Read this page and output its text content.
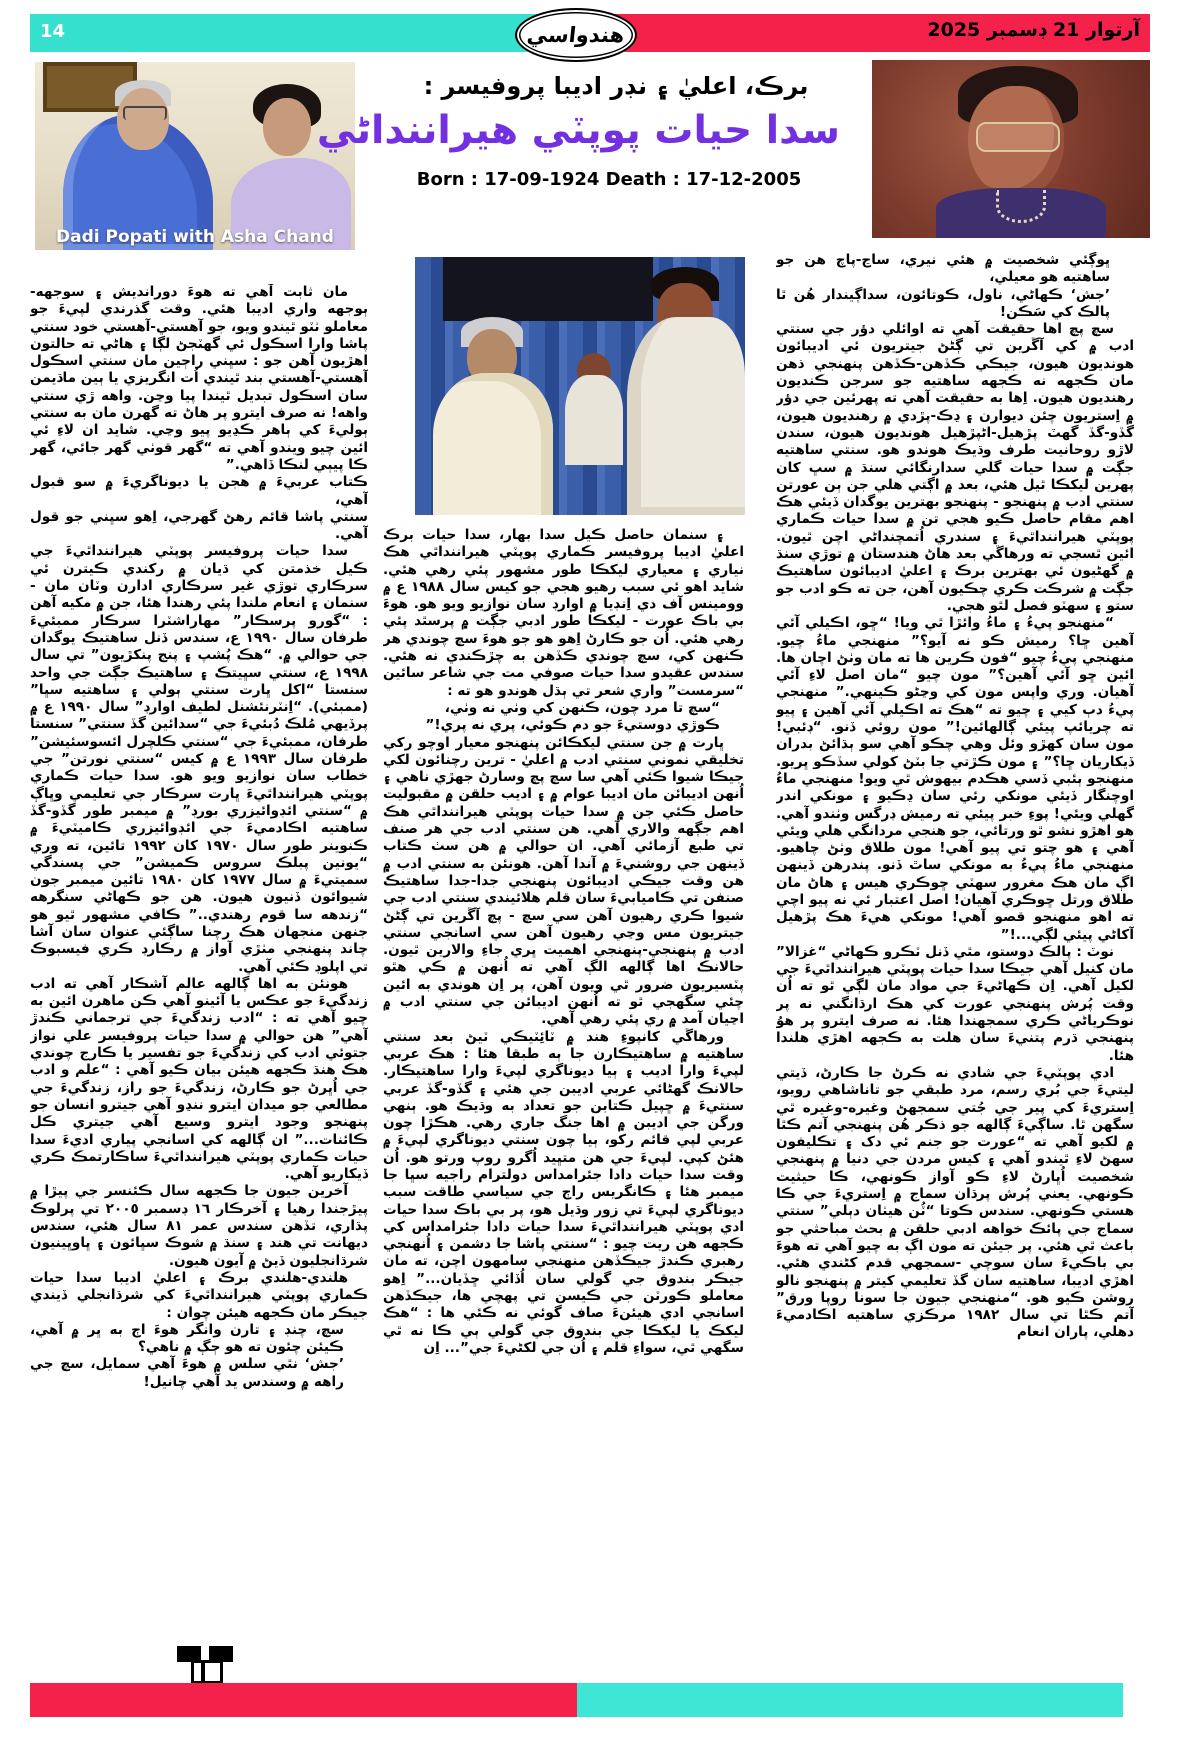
14	آرتوار 21 ڊسمبر 2025
هندواسي
Dadi Popati with Asha Chand
برڪ، اعليٰ ۽ نڊر اديبا پروفيسر :
سدا حيات پوپٽي هيراننداڻي
Born : 17-09-1924 Death : 17-12-2005

مان ثابت آهي ته هوءَ دورانديش ۽ سوجهه-ٻوجهه واري اديبا هئي. وقت گذرندي لپيءَ جو معاملو ٺٽو ٿيندو ويو، جو آهستي-آهستي خود سنتي پاشا وارا اسڪول ئي گهٽجڻ لڳا ۽ هاڻي ته حالتون اهڙيون آهن جو : سڀني راڄين مان سنتي اسڪول آهستي-آهستي بند ٿيندي اُت انگريزي يا ٻين ماڌيمن سان اسڪول تبديل ٿيندا پيا وڃن. واهه ڙي سنتي واهه! نه صرف ايترو پر هاڻ ته گهرن مان به سنتي ٻوليءَ کي ٻاهر ڪڍيو پيو وڃي. شايد ان لاءِ ئي ائين چيو ويندو آهي ته “گهر قوٺي گهر جائي، گهر ڪا پيٻي لنڪا ڏاهي.”

ڪتاب عربيءَ ۾ هجن يا ديوناگريءَ ۾ سو قبول آهي،

سنتي پاشا قائم رهڻ گهرجي، اِهو سڀني جو قول آهي.

سدا حيات پروفيسر پوپٽي هيراننداٿيءَ جي ڪيل خذمتن کي ڌيان ۾ رکندي ڪيترن ئي سرڪاري توڙي غير سرڪاري ادارن وٽان مان - سنمان ۽ انعام ملندا پئي رهندا هئا، جن ۾ مکيه آهن : “گورو پرسڪار” مهاراشٽرا سرڪار ممبئيءَ طرفان سال ١٩٩٠ ع، سندس ڏنل ساهتيڪ يوگدان جي حوالي ۾. “هڪ پُشپ ۽ پنج پنکڙيون” تي سال ١٩٩٨ ع، سنتي سڀيتڪ ۽ ساهتيڪ جڳت جي واحد سنستا “اکل ڀارت سنتي ٻولي ۽ ساهتيه سڀا” (ممبئي). “اِنٽرنئشنل لطيف اوارڊ” سال ١٩٩٠ ع ۾ پرڏيهي مُلڪ دُبئيءَ جي “سدائين گڏ سنتي” سنستا طرفان، ممبئيءَ جي “سنتي ڪلچرل ائسوسئيشن” طرفان سال ١٩٩٣ ع ۾ کيس “سنتي نورتن” جي خطاب سان نوازيو ويو هو. سدا حيات ڪماري پوپٽي هيراننداٿيءَ ڀارت سرڪار جي تعليمي وڀاڳ ۾ “سنتي ائڊوائيزري بورڊ” ۾ ميمبر طور گڏو-گڏ ساهتيه اڪادميءَ جي ائڊوائيزري ڪاميٽيءَ ۾ ڪنوينر طور سال ١٩٧٠ کان ١٩٩٢ تائين، ته وري “يونين پبلڪ سروس ڪميشن” جي پسندگي سميتيءَ ۾ سال ١٩٧٧ کان ١٩٨٠ تائين ميمبر جون شيوائون ڏنيون هيون. هن جو ڪهاڻي سنگرهه “زندهه سا قوم رهندي..” ڪافي مشهور ٿيو هو جنهن منجهان هڪ رچنا ساڳئي عنوان سان آشا چاند پنهنجي مٺڙي آواز ۾ رڪارڊ ڪري فيسبوڪ تي اپلوڊ ڪئي آهي.

هونئن به اها ڳالهه عالم آشڪار آهي ته ادب زندگيءَ جو عڪس يا آئينو آهي ڪن ماهرن ائين به چيو آهي ته : “ادب زندگيءَ جي ترجماني ڪندڙ آهي” هن حوالي ۾ سدا حيات پروفيسر علي نواز جتوئي ادب کي زندگيءَ جو تفسير يا ڪارج چوندي هڪ هنڌ ڪجهه هيئن بيان ڪيو آهي : “علم و ادب جي اُڀرڻ جو ڪارڻ، زندگيءَ جو راز، زندگيءَ جي مطالعي جو ميدان ايترو ننڍو آهي جيترو انسان جو پنهنجو وجود ايترو وسيع آهي جيتري ڪل ڪائنات...” ان ڳالهه کي اسانجي پياري اديءَ سدا حيات ڪماري پوپٽي هيراننداٿيءَ ساڪارتمڪ ڪري ڏيکاريو آهي.

آخرين جيون جا ڪجهه سال ڪئنسر جي پيڙا ۾ پيڙجندا رهيا ۽ آخرڪار ١٦ ڊسمبر ٢٠٠٥ تي پرلوڪ پڌاري، تڏهن سندس عمر ٨١ سال هئي، سندس ديهانت تي هند ۽ سنڌ ۾ شوڪ سڀائون ۽ ڀاوڀينيون شرڌانجليون ڏيڻ ۾ آيون هيون.

هلندي-هلندي برڪ ۽ اعليٰ اديبا سدا حيات ڪماري پوپٽي هيراننداٿيءَ کي شرڌانجلي ڏيندي جيڪر مان ڪجهه هيئن چوان :

سچ، چنڊ ۽ تارن وانگر هوءَ اڄ به ڀر ۾ آهي، ڪيئن چئون ته هو ڄڳ ۾ ناهي؟

’جش‘ نٿي سلس ۾ هوءَ آهي سمايل، سچ جي راهه ۾ وسندس يد آهي چانيل!

۽ سنمان حاصل ڪيل سدا بهار، سدا حيات برڪ اعليٰ اديبا پروفيسر ڪماري پوپٽي هيراننداٿي هڪ نياري ۽ معياري ليکڪا طور مشهور پئي رهي هئي. شايد اهو ئي سبب رهيو هجي جو کيس سال ١٩٨٨ ع ۾ وومينس آف دي اِنڊيا ۾ اوارڊ سان نوازيو ويو هو. هوءَ بي باڪ عورت - ليکڪا طور ادبي جڳت ۾ پرسٿد پئي رهي هئي. اُن جو ڪارڻ اِهو هو جو هوءَ سچ چوندي هر ڪنهن کي، سچ چوندي ڪڏهن به چڙڪندي نه هئي. سندس عقيدو سدا حيات صوفي مت جي شاعر سائين “سرمست” واري شعر تي ٻڌل هوندو هو ته :

“سچ تا مرد چون، ڪنهن کي وٺي نه وٺي،

ڪوڙي دوستيءَ جو دم ڪوئي، پري نه پري!”

ڀارت ۾ جن سنتي ليکڪائن پنهنجو معيار اوچو رکي تخليقي نموني سنتي ادب ۾ اعليٰ - ترين رچنائون لکي جيڪا شيوا ڪئي آهي سا سچ پچ وسارڻ جهڙي ناهي ۽ اُنهن اديبائن مان اديبا عوام ۾ ۽ اديب حلقن ۾ مقبوليت حاصل ڪئي جن ۾ سدا حيات پوپٽي هيراننداٿي هڪ اهم جڳهه والاري آهي. هن سنتي ادب جي هر صنف تي طبع آزمائي آهي. ان حوالي ۾ هن سٺ ڪتاب ڏينهن جي روشنيءَ ۾ آندا آهن. هونئن به سنتي ادب ۾ هن وقت جيڪي اديبائون پنهنجي جدا-جدا ساهتيڪ صنفن تي ڪاميابيءَ سان قلم هلائيندي سنتي ادب جي شيوا ڪري رهيون آهن سي سچ - پچ آڱرين تي ڳڻڻ جيتريون مس وڃي رهيون آهن سي اسانجي سنتي ادب ۾ پنهنجي-پنهنجي اهميت ڀري جاءِ والارين ٿيون. حالانڪ اها ڳالهه الڳ آهي ته اُنهن ۾ ڪي هٿو پٽسيريون ضرور ٿي ويون آهن، پر اِن هوندي به ائين چئي سگهجي ٿو ته اُنهن اديبائن جي سنتي ادب ۾ اڃيان آمد ۾ ري پئي رهي آهي.

ورهاڱي کانپوءِ هند ۾ ٽائِٽيڪي ٽيڻ بعد سنتي ساهتيه ۾ ساهتيڪارن جا ٻه طبقا هئا : هڪ عربي لپيءَ وارا اديب ۽ ٻيا ديوناگري لپيءَ وارا ساهتيڪار. حالانڪ گهڻائي عربي اديبن جي هئي ۽ گڏو-گڏ عربي سنتيءَ ۾ ڇپيل ڪتابن جو تعداد به وڌيڪ هو. ٻنهي ورگن جي اديبن ۾ اها جنگ جاري رهي. هڪڙا چون عربي لپي قائم رکو، ٻيا چون سنتي ديوناگري لپيءَ ۾ هئڻ کپي. لپيءَ جي هن متڀيد اُگرو روپ ورتو هو. اُن وقت سدا حيات دادا جئرامداس دولترام راجيه سڀا جا ميمبر هئا ۽ ڪانگريس راڄ جي سياسي طاقت سبب ديوناگري لپيءَ تي زور وڌيل هو، پر بي باڪ سدا حيات ادي پوپٽي هيراننداٿيءَ سدا حيات دادا جئرامداس کي ڪجهه هن ريت چيو : “سنتي پاشا جا دشمن ۽ اُنهنجي رهبري ڪندڙ جيڪڏهن منهنجي سامهون اچن، ته مان جيڪر بندوق جي گولي سان اُڏائي ڇڏيان...” اِهو معاملو ڪورٽن جي ڪيسن تي پهچي ها، جيڪڏهن اسانجي ادي هيئنءَ صاف گوئي نه ڪئي ها : “هڪ ليکڪ يا ليکڪا جي بندوق جي گولي ٻي ڪا نه ٿي سگهي ٿي، سواءِ قلم ۽ اُن جي لکڻيءَ جي”... اِن

ڀوڳئي شخصيت ۾ هئي نيري، ساڃ-پاچ هن جو ساهتيه هو معيلي،

’جش‘ ڪهاڻي، ناول، ڪوتائون، سداڳيندار هُن ٿا پالڪ کي سَڪن!

سچ پچ اها حقيقت آهي ته اوائلي دؤر جي سنتي ادب ۾ کي آڱرين تي ڳڻڻ جيتريون ئي اديبائون هونديون هيون، جيڪي ڪڏهن-ڪڏهن پنهنجي ذهن مان ڪجهه نه ڪجهه ساهتيه جو سرجن ڪنديون رهنديون هيون. اِها به حقيقت آهي ته پهرئين جي دؤر ۾ اِستريون چئن ديوارن ۽ ڍڪ-پڙدي ۾ رهنديون هيون، گڏو-گڏ گهٽ پڙهيل-اڻپڙهيل هونديون هيون، سندن لاڙو روحانيت طرف وڌيڪ هوندو هو. سنتي ساهتيه جڳت ۾ سدا حيات گلي سدارنگائي سنڌ ۾ سڀ کان پهرين ليکڪا ٿيل هئي، بعد ۾ اڳتي هلي جن ٻن عورتن سنتي ادب ۾ پنهنجو - پنهنجو بهترين يوگدان ڏيئي هڪ اهم مقام حاصل ڪيو هجي تن ۾ سدا حيات ڪماري پوپٽي هيراننداٿيءَ ۽ سندري اُتمچنداڻي اچن ٿيون. ائين ٿسجي ته ورهاڱي بعد هاڻ هندستان ۾ توڙي سنڌ ۾ گهڻيون ئي بهترين برڪ ۽ اعليٰ اديبائون ساهتيڪ جڳت ۾ شرڪت ڪري چڪيون آهن، جن ته ڪو ادب جو ستو ۽ سهٽو فصل لٿو هجي.

“منهنجو پيءُ ۽ ماءُ وائڙا ٿي ويا! “ڇو، اڪيلي آئي آهين ڇا؟ رميش ڪو نه آيو؟” منهنجي ماءُ چيو. منهنجي پيءُ چيو “فون ڪرين ها ته مان وٺڻ اچان ها. ائين ڇو آئي آهين؟” مون چيو “مان اصل لاءِ آئي آهيان. وري واپس مون کي وڃڻو ڪينهي.” منهنجي پيءُ دٻ کيي ۽ چيو ته “هڪ ته اڪيلي آئي آهين ۽ پيو ته چريائپ پيئي ڳالهائين!” مون روئي ڏنو. “ڊئبي! مون سان کهڙو وئل وهي چڪو آهي سو ٻڌائڻ بدران ڏيکاريان ڇا؟” ۽ مون ڪڙتي جا بٽڻ کولي سڏڪو ڀريو. منهنجو ٻئبي ڏسي هڪدم بيهوش ٿي ويو! منهنجي ماءُ اوچنگار ڏيئي مونکي رئي سان ڍڪيو ۽ مونکي اندر گهلي ويئي! پوءِ خبر پيئي ته رميش ڊرگس وٺندو آهي. هو اهڙو نشو ٿو ورتائي، جو هنجي مردانگي هلي ويئي آهي ۽ هو چتو تي پيو آهي! مون طلاق وٺڻ چاهيو. منهنجي ماءُ پيءُ به مونکي ساٿ ڏنو. پندرهن ڏينهن اڳ مان هڪ مغرور سهٽي ڇوڪري هيس ۽ هاڻ مان طلاق ورتل ڇوڪري آهيان! اصل اعتبار ئي نه پيو اچي ته اهو منهنجو قصو آهي! مونکي هيءَ هڪ پڙهيل آکاڻي پيئي لڳي...!”

نوٽ : پالڪ دوستو، مٿي ڏنل ٽڪرو ڪهاڻي “غزالا” مان کنيل آهي جيڪا سدا حيات پوپٽي هيراننداٿيءَ جي لکيل آهي. اِن ڪهاڻيءَ جي مواد مان لڳي ٿو ته اُن وقت پُرش پنهنجي عورت کي هڪ ارڌانگني نه پر نوڪرياڻي ڪري سمجهندا هئا. نه صرف ايترو پر هوُ پنهنجي ڌرم پتنيءَ سان هلت به ڪجهه اهڙي هلندا هئا.

ادي پوپٽيءَ جي شادي نه ڪرڻ جا ڪارڻ، ڏيتي ليتيءَ جي بُري رسم، مرد طبقي جو تاناشاهي رويو، اِستريءَ کي پير جي جُتي سمجهڻ وغيره-وغيره ٿي سگهن ٿا. ساڳيءَ ڳالهه جو ذڪر هُن پنهنجي آتم ڪٿا ۾ لکيو آهي ته “عورت جو جنم ئي دک ۽ تڪليفون سهڻ لاءِ ٿيندو آهي ۽ کيس مردن جي دنيا ۾ پنهنجي شخصيت اُڀارڻ لاءِ ڪو آواز ڪونهي، ڪا حيثيت ڪونهي. يعني پُرش پرڌان سماج ۾ اِستريءَ جي ڪا هستي ڪونهي. سندس ڪوتا “ٽُن هيٺان دٻلي” سنتي سماج جي پائڪ خواهه ادبي حلقن ۾ بحث مباحثي جو باعث ٿي هئي. پر جيئن ته مون اڳ به چيو آهي ته هوءَ بي باڪيءَ سان سوچي -سمجهي قدم کڻندي هئي. اهڙي اديبا، ساهتيه سان گڏ تعليمي کيتر ۾ پنهنجو نالو روشن ڪيو هو. “منهنجي جيون جا سونا روپا ورق” آتم ڪٿا تي سال ١٩٨٢ مرڪزي ساهتيه اڪادميءَ دهلي، پاران انعام
